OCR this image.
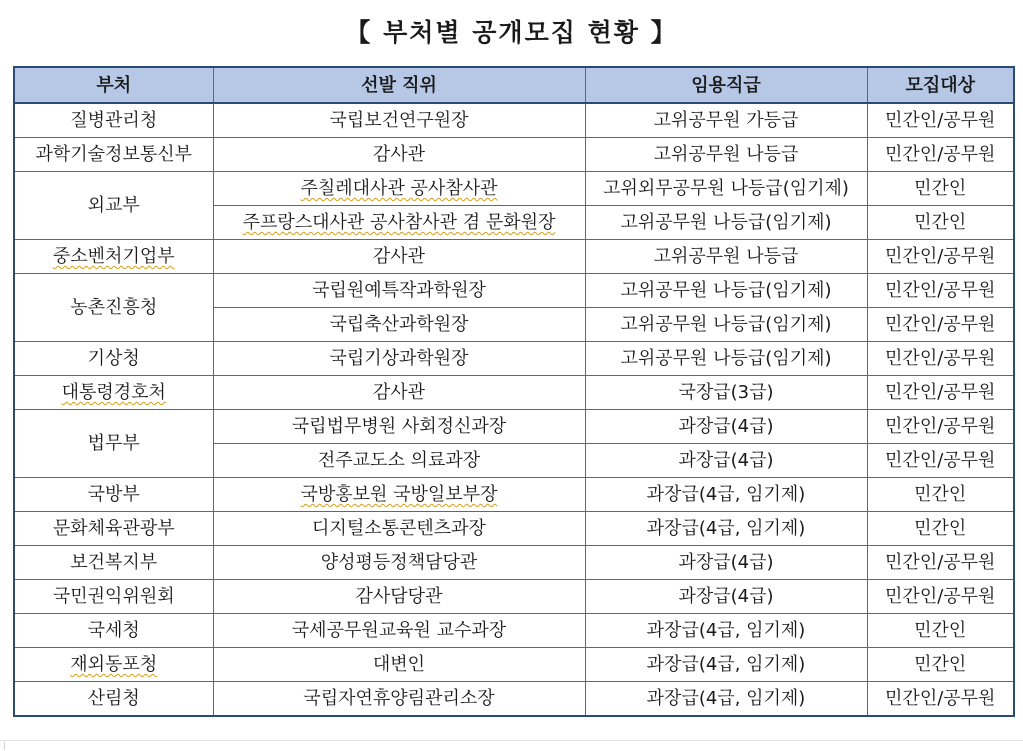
【 부처별 공개모집 현황 】
부처	선발 직위	임용직급	모집대상
질병관리청	국립보건연구원장	고위공무원 가등급	민간인/공무원
과학기술정보통신부	감사관	고위공무원 나등급	민간인/공무원
외교부	주칠레대사관 공사참사관	고위외무공무원 나등급(임기제)	민간인
	주프랑스대사관 공사참사관 겸 문화원장	고위공무원 나등급(임기제)	민간인
중소벤처기업부	감사관	고위공무원 나등급	민간인/공무원
농촌진흥청	국립원예특작과학원장	고위공무원 나등급(임기제)	민간인/공무원
	국립축산과학원장	고위공무원 나등급(임기제)	민간인/공무원
기상청	국립기상과학원장	고위공무원 나등급(임기제)	민간인/공무원
대통령경호처	감사관	국장급(3급)	민간인/공무원
법무부	국립법무병원 사회정신과장	과장급(4급)	민간인/공무원
	전주교도소 의료과장	과장급(4급)	민간인/공무원
국방부	국방홍보원 국방일보부장	과장급(4급, 임기제)	민간인
문화체육관광부	디지털소통콘텐츠과장	과장급(4급, 임기제)	민간인
보건복지부	양성평등정책담당관	과장급(4급)	민간인/공무원
국민권익위원회	감사담당관	과장급(4급)	민간인/공무원
국세청	국세공무원교육원 교수과장	과장급(4급, 임기제)	민간인
재외동포청	대변인	과장급(4급, 임기제)	민간인
산림청	국립자연휴양림관리소장	과장급(4급, 임기제)	민간인/공무원
